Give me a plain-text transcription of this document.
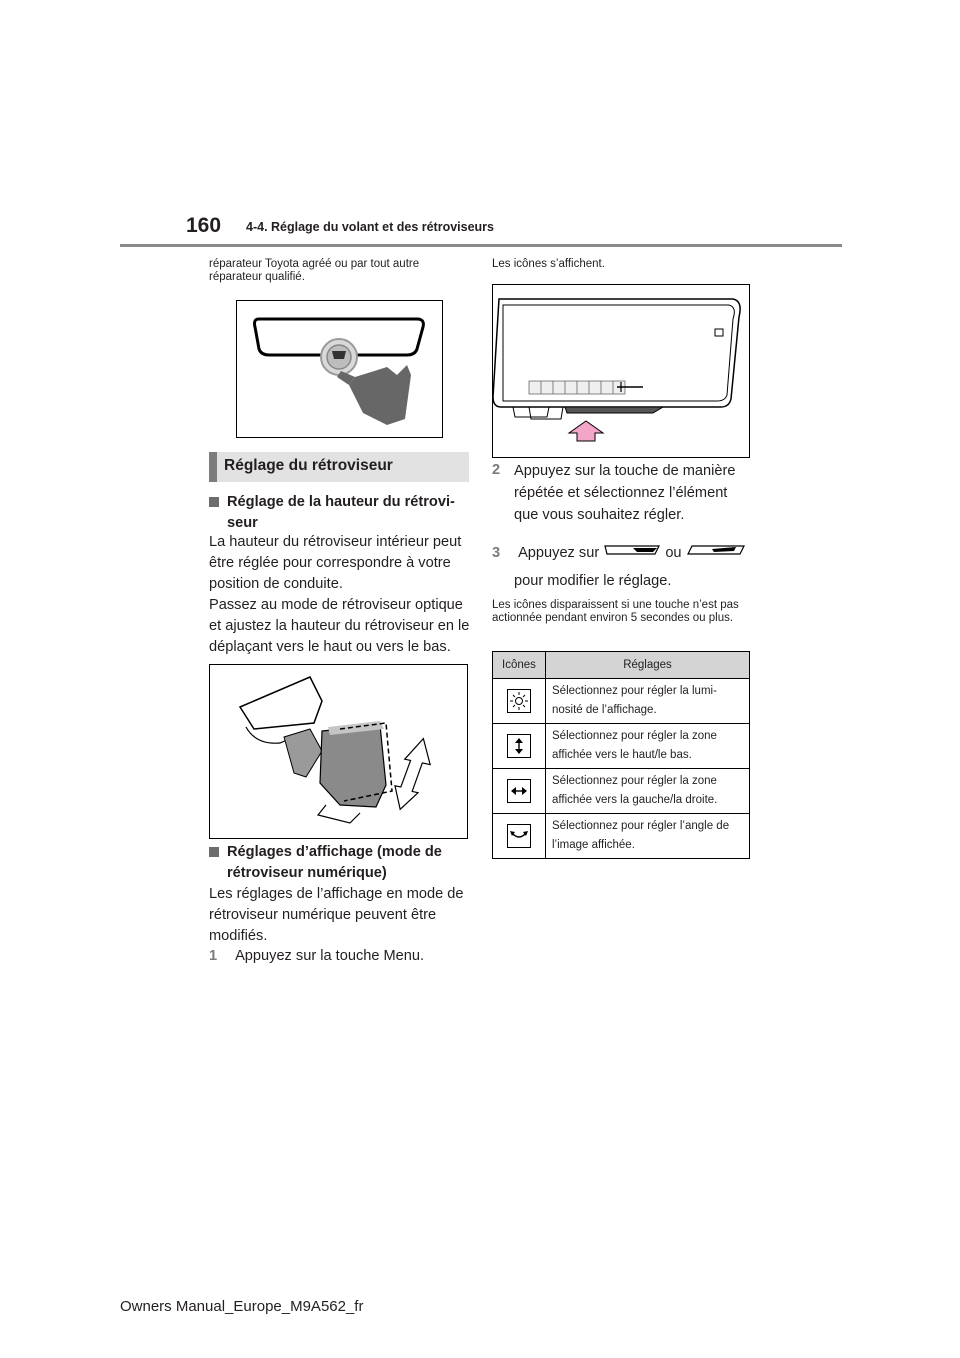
160 4-4. Réglage du volant et des rétroviseurs
réparateur Toyota agréé ou par tout autre réparateur qualifié.
Réglage du rétroviseur
Réglage de la hauteur du rétrovi-seur
La hauteur du rétroviseur intérieur peut être réglée pour correspondre à votre position de conduite.
Passez au mode de rétroviseur optique et ajustez la hauteur du rétroviseur en le déplaçant vers le haut ou vers le bas.
Réglages d’affichage (mode de rétroviseur numérique)
Les réglages de l’affichage en mode de rétroviseur numérique peuvent être modifiés.
1 Appuyez sur la touche Menu.
Les icônes s’affichent.
2 Appuyez sur la touche de manière répétée et sélectionnez l’élément que vous souhaitez régler.
3 Appuyez sur	ou
pour modifier le réglage.
Les icônes disparaissent si une touche n’est pas actionnée pendant environ 5 secondes ou plus.
Icônes	Réglages
	Sélectionnez pour régler la lumi-nosité de l’affichage.
	Sélectionnez pour régler la zone affichée vers le haut/le bas.
	Sélectionnez pour régler la zone affichée vers la gauche/la droite.
	Sélectionnez pour régler l’angle de l’image affichée.
Owners Manual_Europe_M9A562_fr
